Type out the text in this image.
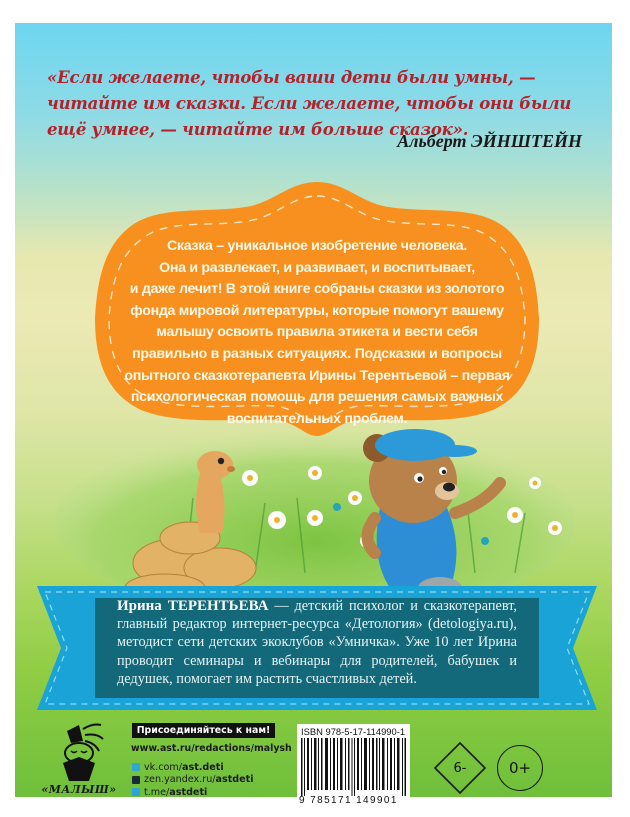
«Если желаете, чтобы ваши дети были умны, — читайте им сказки. Если желаете, чтобы они были ещё умнее, — читайте им больше сказок».

Альберт ЭЙНШТЕЙН

Сказка – уникальное изобретение человека.
Она и развлекает, и развивает, и воспитывает,
и даже лечит! В этой книге собраны сказки из золотого
фонда мировой литературы, которые помогут вашему
малышу освоить правила этикета и вести себя
правильно в разных ситуациях. Подсказки и вопросы
опытного сказкотерапевта Ирины Терентьевой – первая
психологическая помощь для решения самых важных
воспитательных проблем.

Ирина ТЕРЕНТЬЕВА — детский психолог и сказкотерапевт, главный редактор интернет-ресурса «Детология» (detologiya.ru), методист сети детских экоклубов «Умничка». Уже 10 лет Ирина проводит семинары и вебинары для родителей, бабушек и дедушек, помогает им растить счастливых детей.

«МАЛЫШ»
Присоединяйтесь к нам!
www.ast.ru/redactions/malysh
vk.com/ ast.deti
zen.yandex.ru/ astdeti
t.me/ astdeti
ISBN 978-5-17-114990-1
9 785171 149901
6-	0+
